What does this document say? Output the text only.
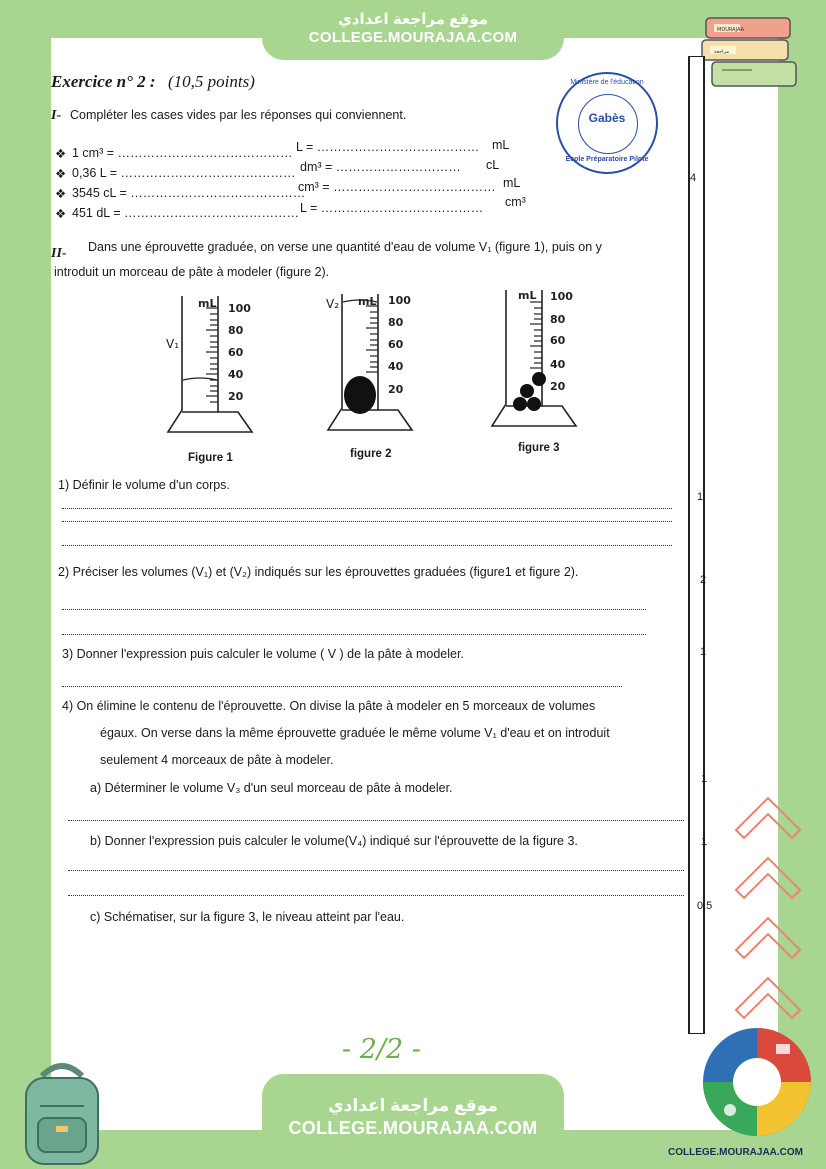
موقع مراجعة اعدادي
COLLEGE.MOURAJAA.COM	MOURAJAA
مراجعة
Exercice n° 2 : (10,5 points)	Ministère de l'éducation
Gabès
Ecole Préparatoire Pilote
I- Compléter les cases vides par les réponses qui conviennent.
❖ 1 cm³ = …………………………………… L = ………………………………… mL
❖ 0,36 L = …………………………………… dm³ = ………………………… cL
❖ 3545 cL = ……………………………………
cm³ = ………………………………… mL
❖ 451 dL = …………………………………… L = ………………………………… cm³
II- Dans une éprouvette graduée, on verse une quantité d'eau de volume V₁ (figure 1), puis on y
introduit un morceau de pâte à modeler (figure 2).
mL 100
80
60
40
20
V₁
Figure 1
mL 100
80
60
40
20
V₂
figure 2
mL 100
80
60
40
20
figure 3
4
1
2
1
1
1
0,5
1) Définir le volume d'un corps.
2) Préciser les volumes (V₁) et (V₂) indiqués sur les éprouvettes graduées (figure1 et figure 2).
3) Donner l'expression puis calculer le volume ( V ) de la pâte à modeler.
4) On élimine le contenu de l'éprouvette. On divise la pâte à modeler en 5 morceaux de volumes
égaux. On verse dans la même éprouvette graduée le même volume V₁ d'eau et on introduit
seulement 4 morceaux de pâte à modeler.
a) Déterminer le volume V₃ d'un seul morceau de pâte à modeler.
b) Donner l'expression puis calculer le volume(V₄) indiqué sur l'éprouvette de la figure 3.
c) Schématiser, sur la figure 3, le niveau atteint par l'eau.
- 2/2 -
COLLEGE.MOURAJAA.COM
موقع مراجعة اعدادي
COLLEGE.MOURAJAA.COM
